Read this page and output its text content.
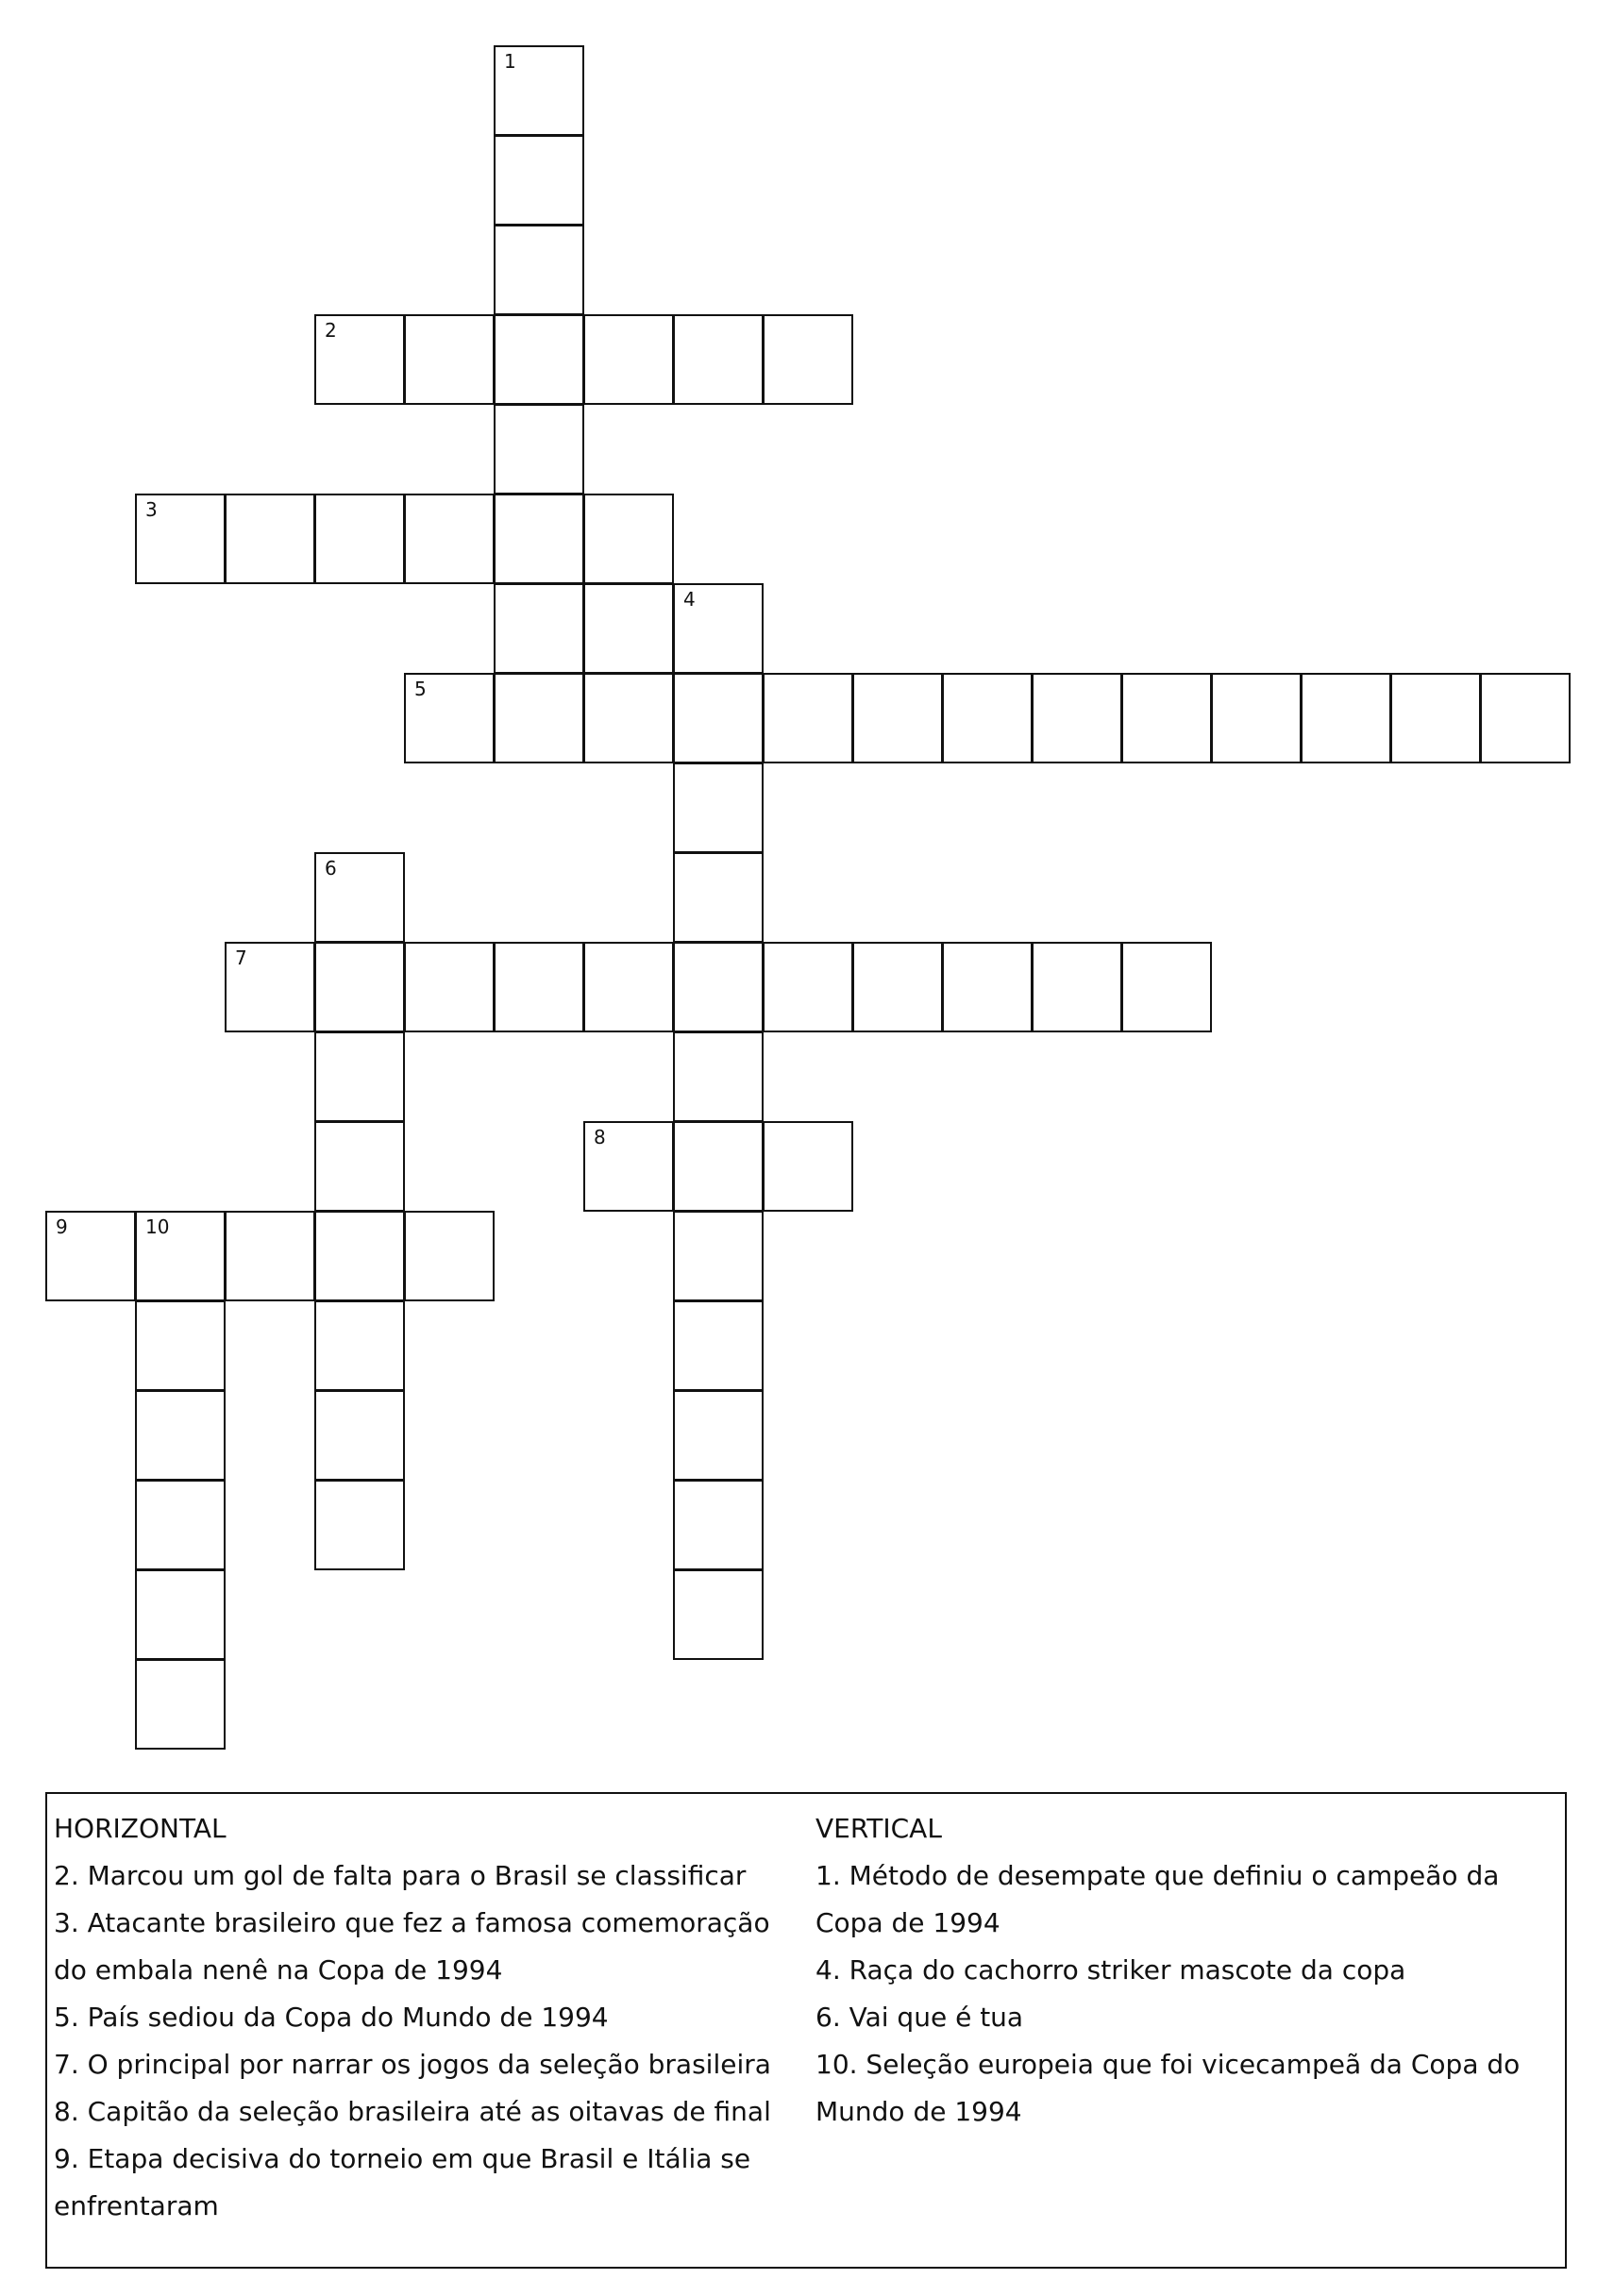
1
2
3
4
5
6
7
8
9	10
HORIZONTAL
2. Marcou um gol de falta para o Brasil se classificar
3. Atacante brasileiro que fez a famosa comemoração do embala nenê na Copa de 1994
5. País sediou da Copa do Mundo de 1994
7. O principal por narrar os jogos da seleção brasileira
8. Capitão da seleção brasileira até as oitavas de final
9. Etapa decisiva do torneio em que Brasil e Itália se enfrentaram
VERTICAL
1. Método de desempate que definiu o campeão da Copa de 1994
4. Raça do cachorro striker mascote da copa
6. Vai que é tua
10. Seleção europeia que foi vicecampeã da Copa do Mundo de 1994
